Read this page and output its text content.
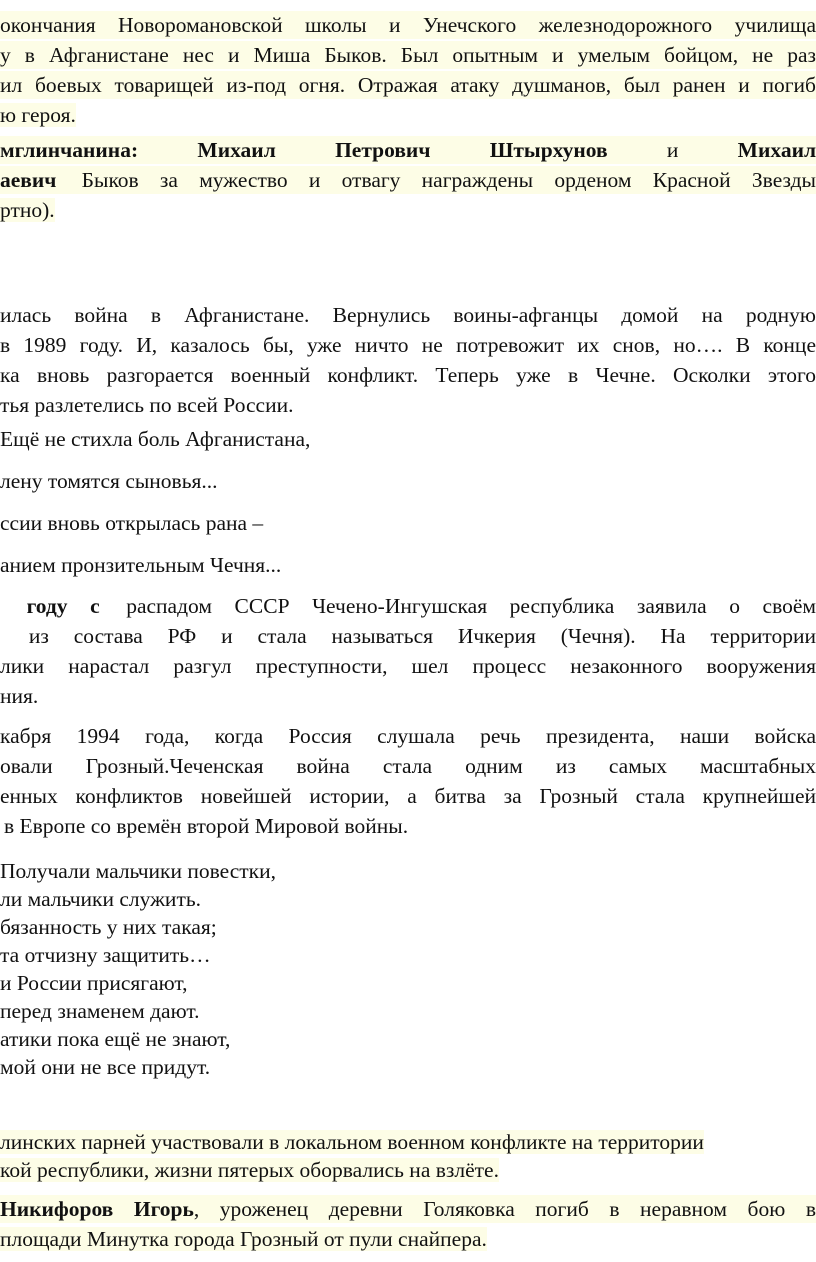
окончания Новоромановской школы и Унечского железнодорожного училища
у в Афганистане нес и Миша Быков. Был опытным и умелым бойцом, не раз
ил боевых товарищей из-под огня. Отражая атаку душманов, был ранен и погиб
ю героя.
мглинчанина:	Михаил	Петрович	Штырхунов	и	Михаил
аевич Быков за мужество и отвагу награждены орденом Красной Звезды
ртно).
илась война в Афганистане. Вернулись воины-афганцы домой на родную
в 1989 году. И, казалось бы, уже ничто не потревожит их снов, но…. В конце
ка вновь разгорается военный конфликт. Теперь уже в Чечне. Осколки этого
тья разлетелись по всей России.
Ещё не стихла боль Афганистана,
лену томятся сыновья...
ссии вновь открылась рана –
анием пронзительным Чечня...
году с распадом СССР Чечено-Ингушская республика заявила о своём
из состава РФ и стала называться Ичкерия (Чечня). На территории
лики нарастал разгул преступности, шел процесс незаконного вооружения
ния.
кабря 1994 года, когда Россия слушала речь президента, наши войска
овали Грозный.Чеченская война стала одним из самых масштабных
енных конфликтов новейшей истории, а битва за Грозный стала крупнейшей
в Европе со времён второй Мировой войны.
Получали мальчики повестки,
ли мальчики служить.
бязанность у них такая;
та отчизну защитить…
и России присягают,
перед знаменем дают.
атики пока ещё не знают,
мой они не все придут.
линских парней участвовали в локальном военном конфликте на территории
кой республики, жизни пятерых оборвались на взлёте.
Никифоров Игорь, уроженец деревни Голяковка погиб в неравном бою в
площади Минутка города Грозный от пули снайпера.
